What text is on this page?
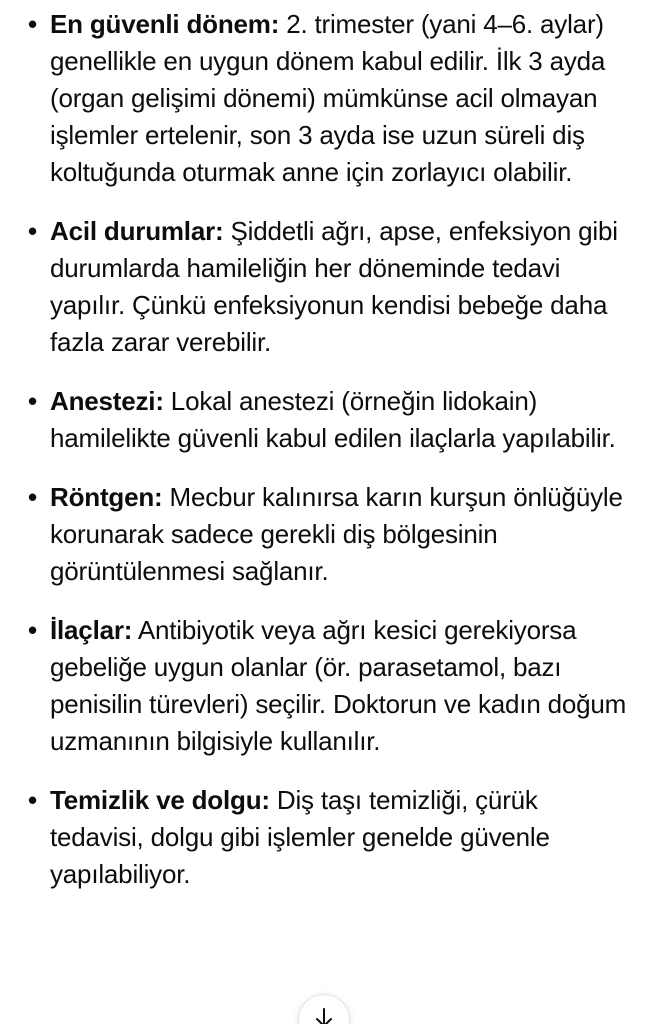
• En güvenli dönem: 2. trimester (yani 4–6. aylar) genellikle en uygun dönem kabul edilir. İlk 3 ayda (organ gelişimi dönemi) mümkünse acil olmayan işlemler ertelenir, son 3 ayda ise uzun süreli diş koltuğunda oturmak anne için zorlayıcı olabilir.
• Acil durumlar: Şiddetli ağrı, apse, enfeksiyon gibi durumlarda hamileliğin her döneminde tedavi yapılır. Çünkü enfeksiyonun kendisi bebeğe daha fazla zarar verebilir.
• Anestezi: Lokal anestezi (örneğin lidokain) hamilelikte güvenli kabul edilen ilaçlarla yapılabilir.
• Röntgen: Mecbur kalınırsa karın kurşun önlüğüyle korunarak sadece gerekli diş bölgesinin görüntülenmesi sağlanır.
• İlaçlar: Antibiyotik veya ağrı kesici gerekiyorsa gebeliğe uygun olanlar (ör. parasetamol, bazı penisilin türevleri) seçilir. Doktorun ve kadın doğum uzmanının bilgisiyle kullanılır.
• Temizlik ve dolgu: Diş taşı temizliği, çürük tedavisi, dolgu gibi işlemler genelde güvenle yapılabiliyor.
